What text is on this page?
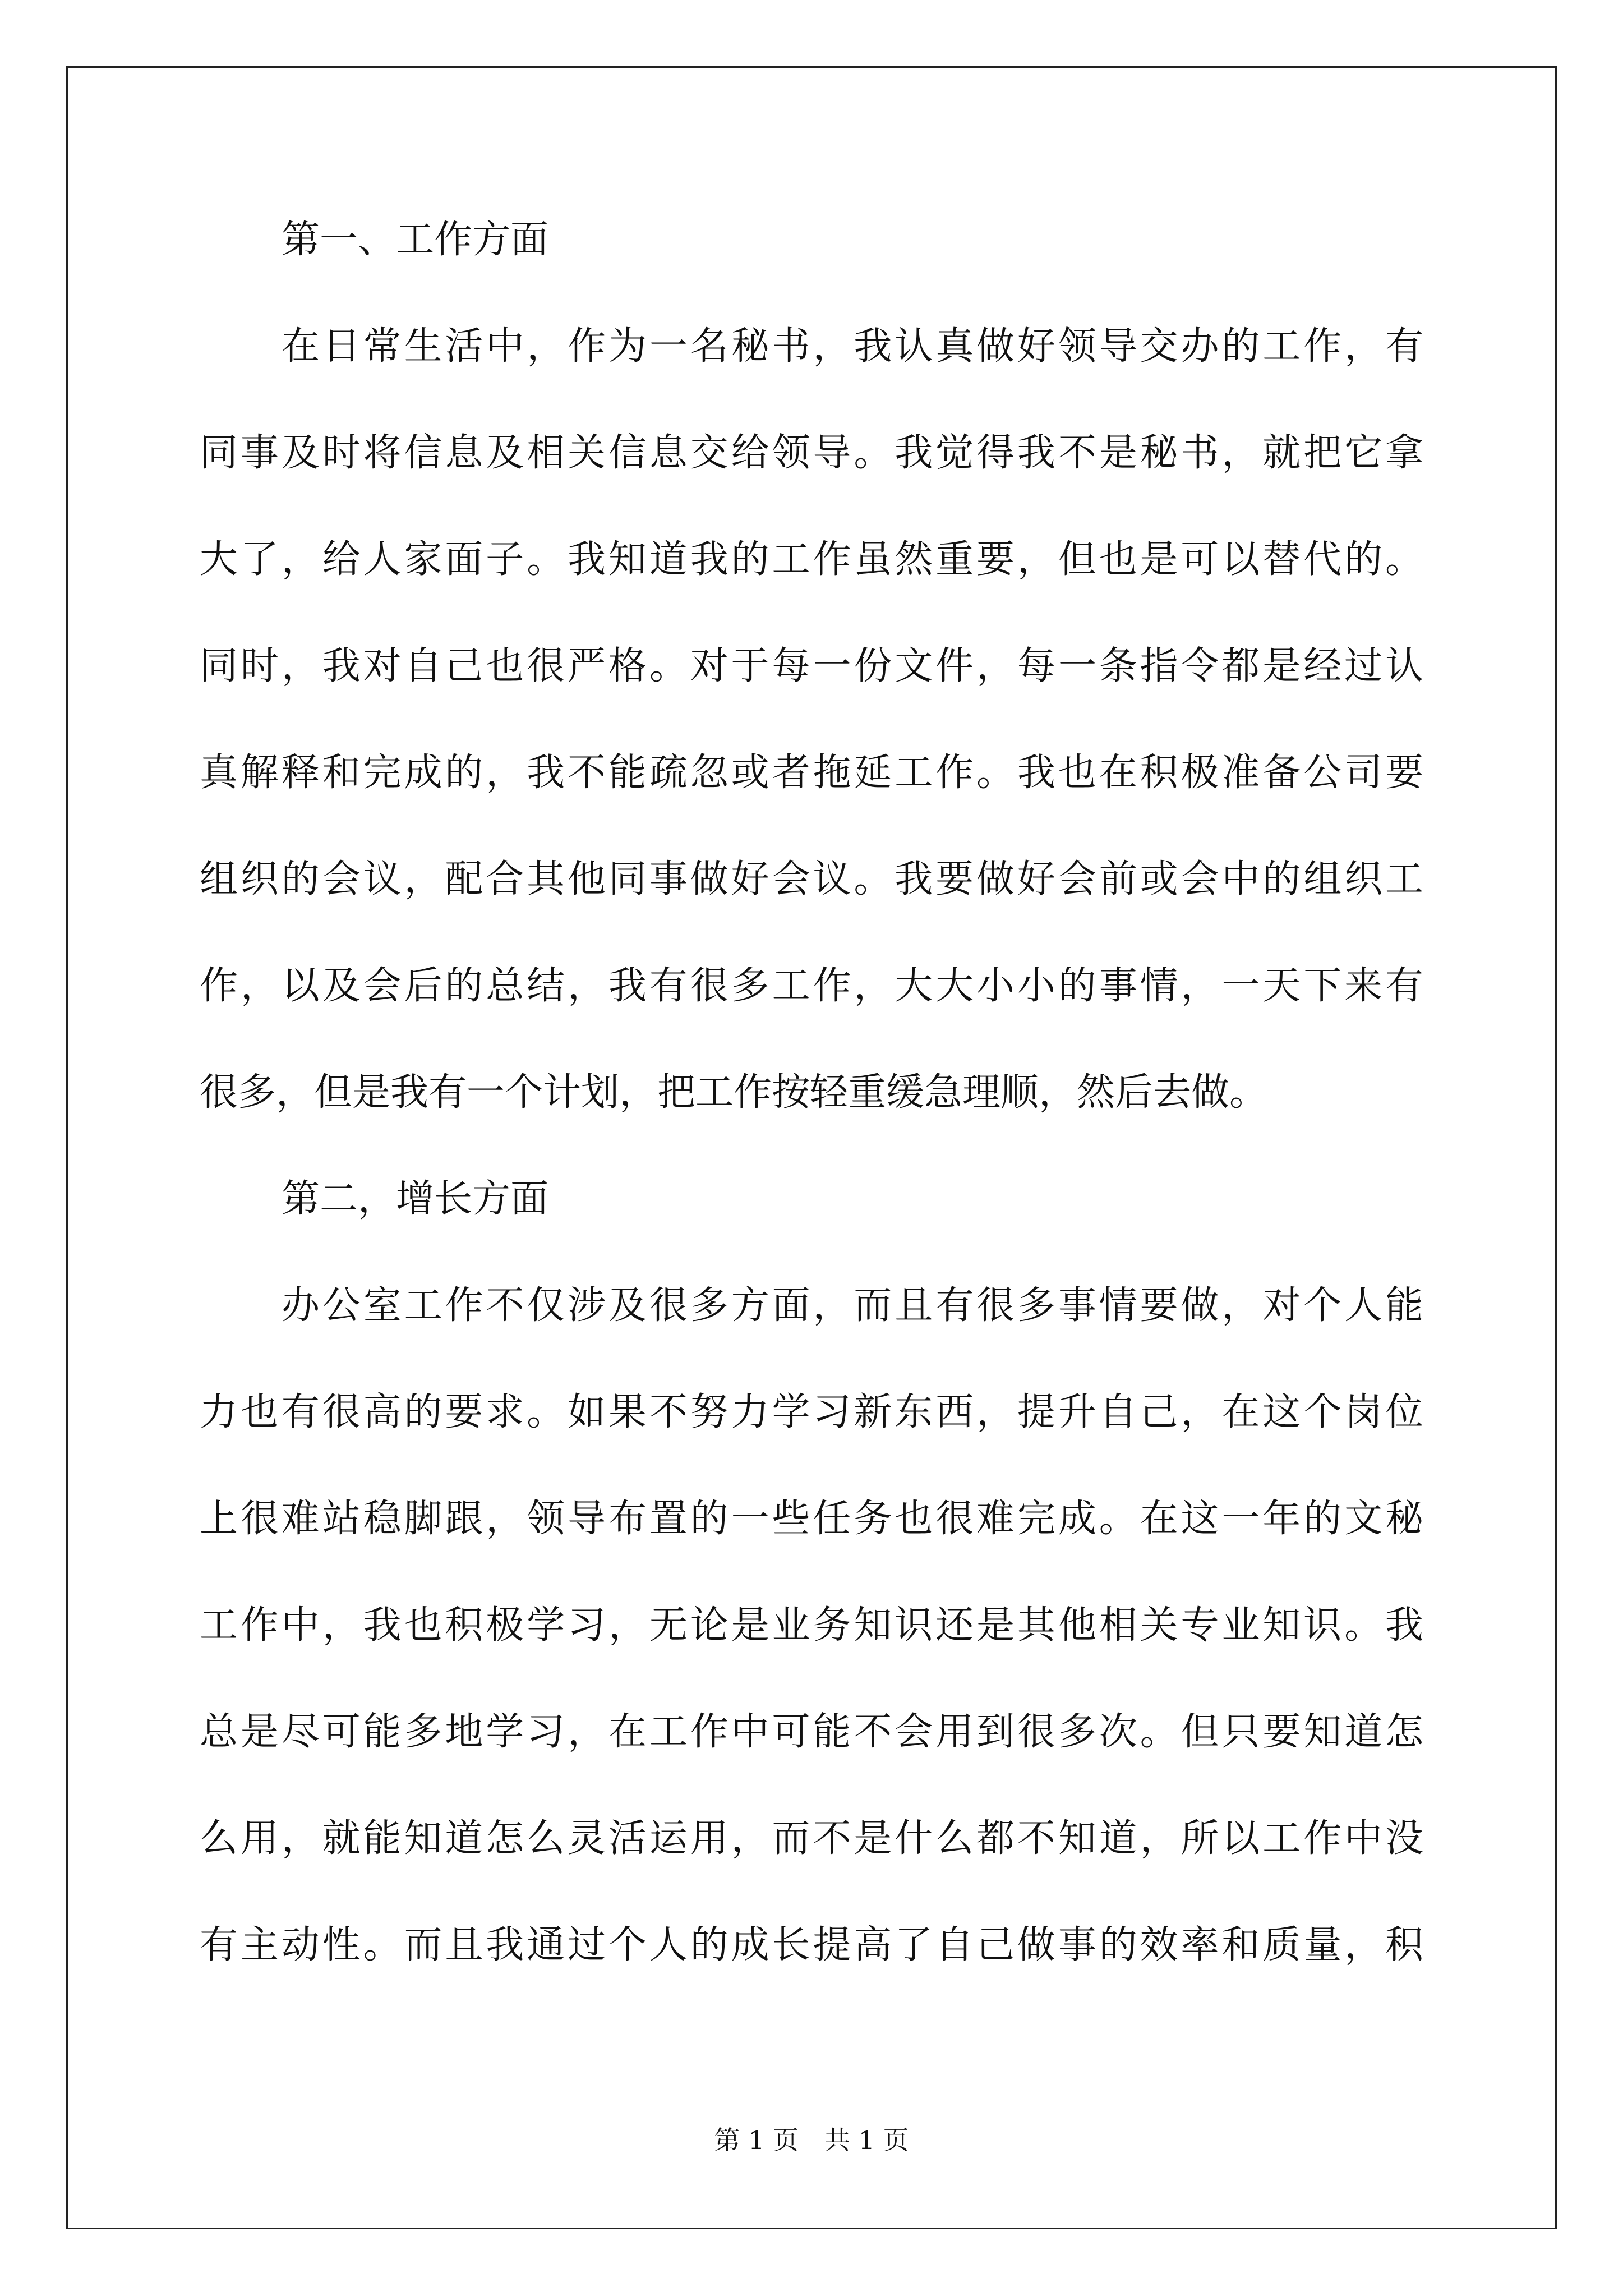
第一、工作方面
在日常生活中，作为一名秘书，我认真做好领导交办的工作，有
同事及时将信息及相关信息交给领导。我觉得我不是秘书，就把它拿
大了，给人家面子。我知道我的工作虽然重要，但也是可以替代的。
同时，我对自己也很严格。对于每一份文件，每一条指令都是经过认
真解释和完成的，我不能疏忽或者拖延工作。我也在积极准备公司要
组织的会议，配合其他同事做好会议。我要做好会前或会中的组织工
作，以及会后的总结，我有很多工作，大大小小的事情，一天下来有
很多，但是我有一个计划，把工作按轻重缓急理顺，然后去做。
第二，增长方面
办公室工作不仅涉及很多方面，而且有很多事情要做，对个人能
力也有很高的要求。如果不努力学习新东西，提升自己，在这个岗位
上很难站稳脚跟，领导布置的一些任务也很难完成。在这一年的文秘
工作中，我也积极学习，无论是业务知识还是其他相关专业知识。我
总是尽可能多地学习，在工作中可能不会用到很多次。但只要知道怎
么用，就能知道怎么灵活运用，而不是什么都不知道，所以工作中没
有主动性。而且我通过个人的成长提高了自己做事的效率和质量，积
第 1 页　共 1 页
